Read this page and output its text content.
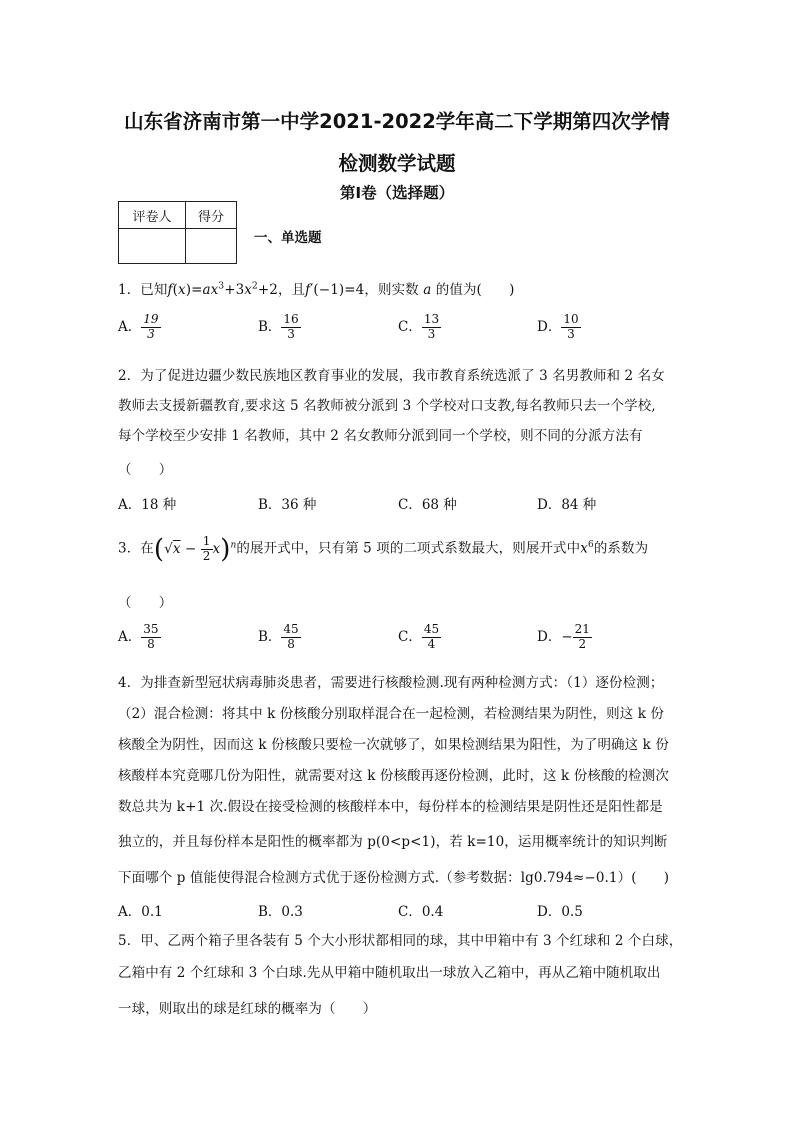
山东省济南市第一中学2021-2022学年高二下学期第四次学情
检测数学试题
第I卷（选择题）
评卷人	得分

一、单选题
1．已知$f(x)=ax^3+3x^2+2$，且f′(−1)=4，则实数 a 的值为(　　)
A． $\frac{19}{3}$	B． $\frac{16}{3}$	C． $\frac{13}{3}$	D． $\frac{10}{3}$
2．为了促进边疆少数民族地区教育事业的发展，我市教育系统选派了 3 名男教师和 2 名女
教师去支援新疆教育,要求这 5 名教师被分派到 3 个学校对口支教,每名教师只去一个学校,
每个学校至少安排 1 名教师，其中 2 名女教师分派到同一个学校，则不同的分派方法有
（　　）
A．18 种	B．36 种	C．68 种	D．84 种
3．在$(√x - \frac{1}{2} x)^n$的展开式中，只有第 5 项的二项式系数最大，则展开式中$x^6$的系数为
（　　）
A． $\frac{35}{8}$	B． $\frac{45}{8}$	C． $\frac{45}{4}$	D．− $\frac{21}{2}$
4．为排查新型冠状病毒肺炎患者，需要进行核酸检测.现有两种检测方式：（1）逐份检测；
（2）混合检测：将其中 k 份核酸分别取样混合在一起检测，若检测结果为阴性，则这 k 份
核酸全为阴性，因而这 k 份核酸只要检一次就够了，如果检测结果为阳性，为了明确这 k 份
核酸样本究竟哪几份为阳性，就需要对这 k 份核酸再逐份检测，此时，这 k 份核酸的检测次
数总共为 k+1 次.假设在接受检测的核酸样本中，每份样本的检测结果是阴性还是阳性都是
独立的，并且每份样本是阳性的概率都为 p(0<p<1)，若 k=10，运用概率统计的知识判断
下面哪个 p 值能使得混合检测方式优于逐份检测方式.（参考数据：lg0.794≈−0.1）(　　)
A．0.1	B．0.3	C．0.4	D．0.5
5．甲、乙两个箱子里各装有 5 个大小形状都相同的球，其中甲箱中有 3 个红球和 2 个白球，
乙箱中有 2 个红球和 3 个白球.先从甲箱中随机取出一球放入乙箱中，再从乙箱中随机取出
一球，则取出的球是红球的概率为（　　）
